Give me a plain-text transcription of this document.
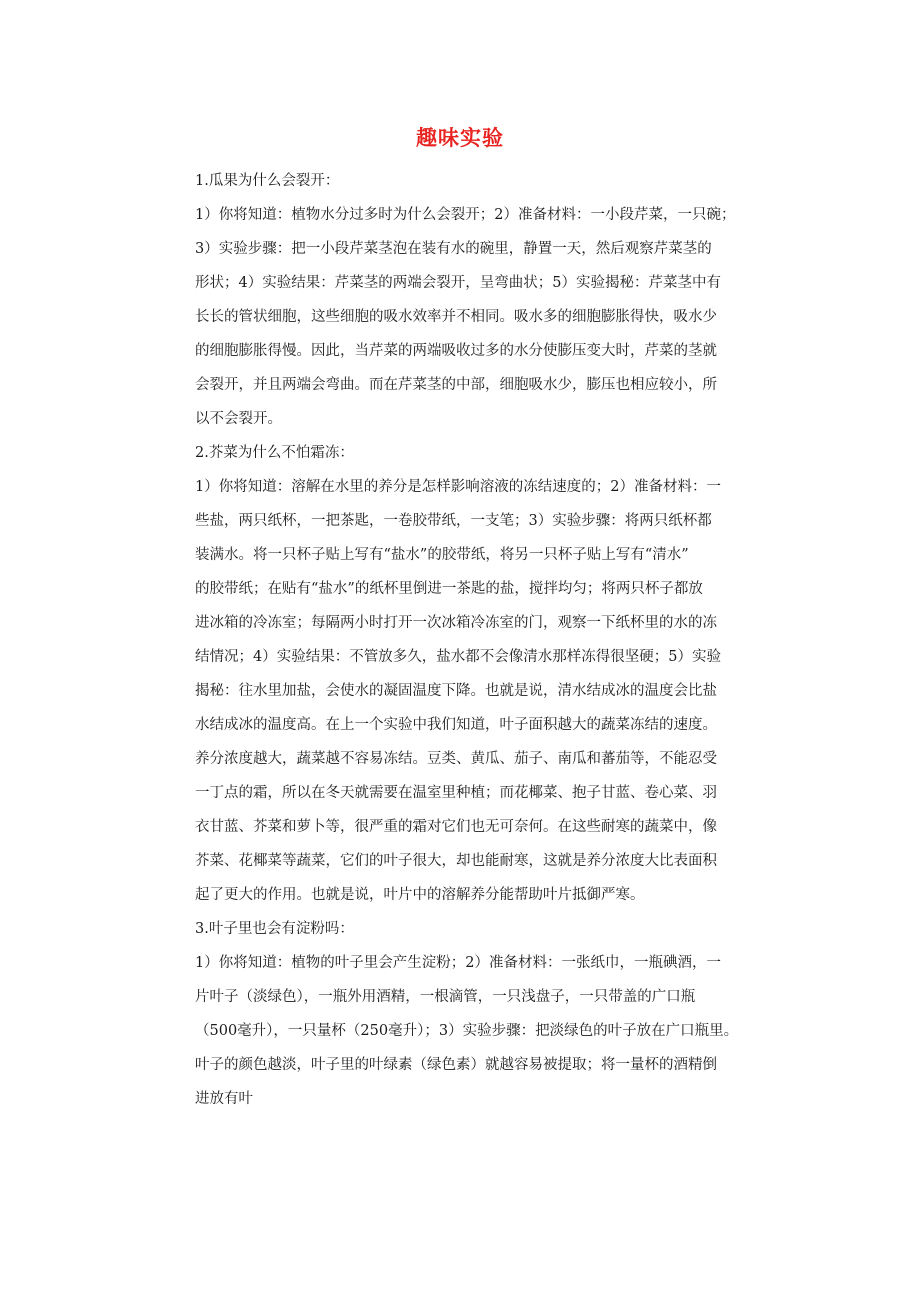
趣味实验
1.瓜果为什么会裂开：
1）你将知道：植物水分过多时为什么会裂开；2）准备材料：一小段芹菜，一只碗；
3）实验步骤：把一小段芹菜茎泡在装有水的碗里，静置一天，然后观察芹菜茎的
形状；4）实验结果：芹菜茎的两端会裂开，呈弯曲状；5）实验揭秘：芹菜茎中有
长长的管状细胞，这些细胞的吸水效率并不相同。吸水多的细胞膨胀得快，吸水少
的细胞膨胀得慢。因此，当芹菜的两端吸收过多的水分使膨压变大时，芹菜的茎就
会裂开，并且两端会弯曲。而在芹菜茎的中部，细胞吸水少，膨压也相应较小，所
以不会裂开。
2.芥菜为什么不怕霜冻：
1）你将知道：溶解在水里的养分是怎样影响溶液的冻结速度的；2）准备材料：一
些盐，两只纸杯，一把茶匙，一卷胶带纸，一支笔；3）实验步骤：将两只纸杯都
装满水。将一只杯子贴上写有“盐水”的胶带纸，将另一只杯子贴上写有“清水”
的胶带纸；在贴有“盐水”的纸杯里倒进一茶匙的盐，搅拌均匀；将两只杯子都放
进冰箱的冷冻室；每隔两小时打开一次冰箱冷冻室的门，观察一下纸杯里的水的冻
结情况；4）实验结果：不管放多久，盐水都不会像清水那样冻得很坚硬；5）实验
揭秘：往水里加盐，会使水的凝固温度下降。也就是说，清水结成冰的温度会比盐
水结成冰的温度高。在上一个实验中我们知道，叶子面积越大的蔬菜冻结的速度。
养分浓度越大，蔬菜越不容易冻结。豆类、黄瓜、茄子、南瓜和蕃茄等，不能忍受
一丁点的霜，所以在冬天就需要在温室里种植；而花椰菜、抱子甘蓝、卷心菜、羽
衣甘蓝、芥菜和萝卜等，很严重的霜对它们也无可奈何。在这些耐寒的蔬菜中，像
芥菜、花椰菜等蔬菜，它们的叶子很大，却也能耐寒，这就是养分浓度大比表面积
起了更大的作用。也就是说，叶片中的溶解养分能帮助叶片抵御严寒。
3.叶子里也会有淀粉吗：
1）你将知道：植物的叶子里会产生淀粉；2）准备材料：一张纸巾，一瓶碘酒，一
片叶子（淡绿色），一瓶外用酒精，一根滴管，一只浅盘子，一只带盖的广口瓶
（500毫升），一只量杯（250毫升）；3）实验步骤：把淡绿色的叶子放在广口瓶里。
叶子的颜色越淡，叶子里的叶绿素（绿色素）就越容易被提取；将一量杯的酒精倒
进放有叶
